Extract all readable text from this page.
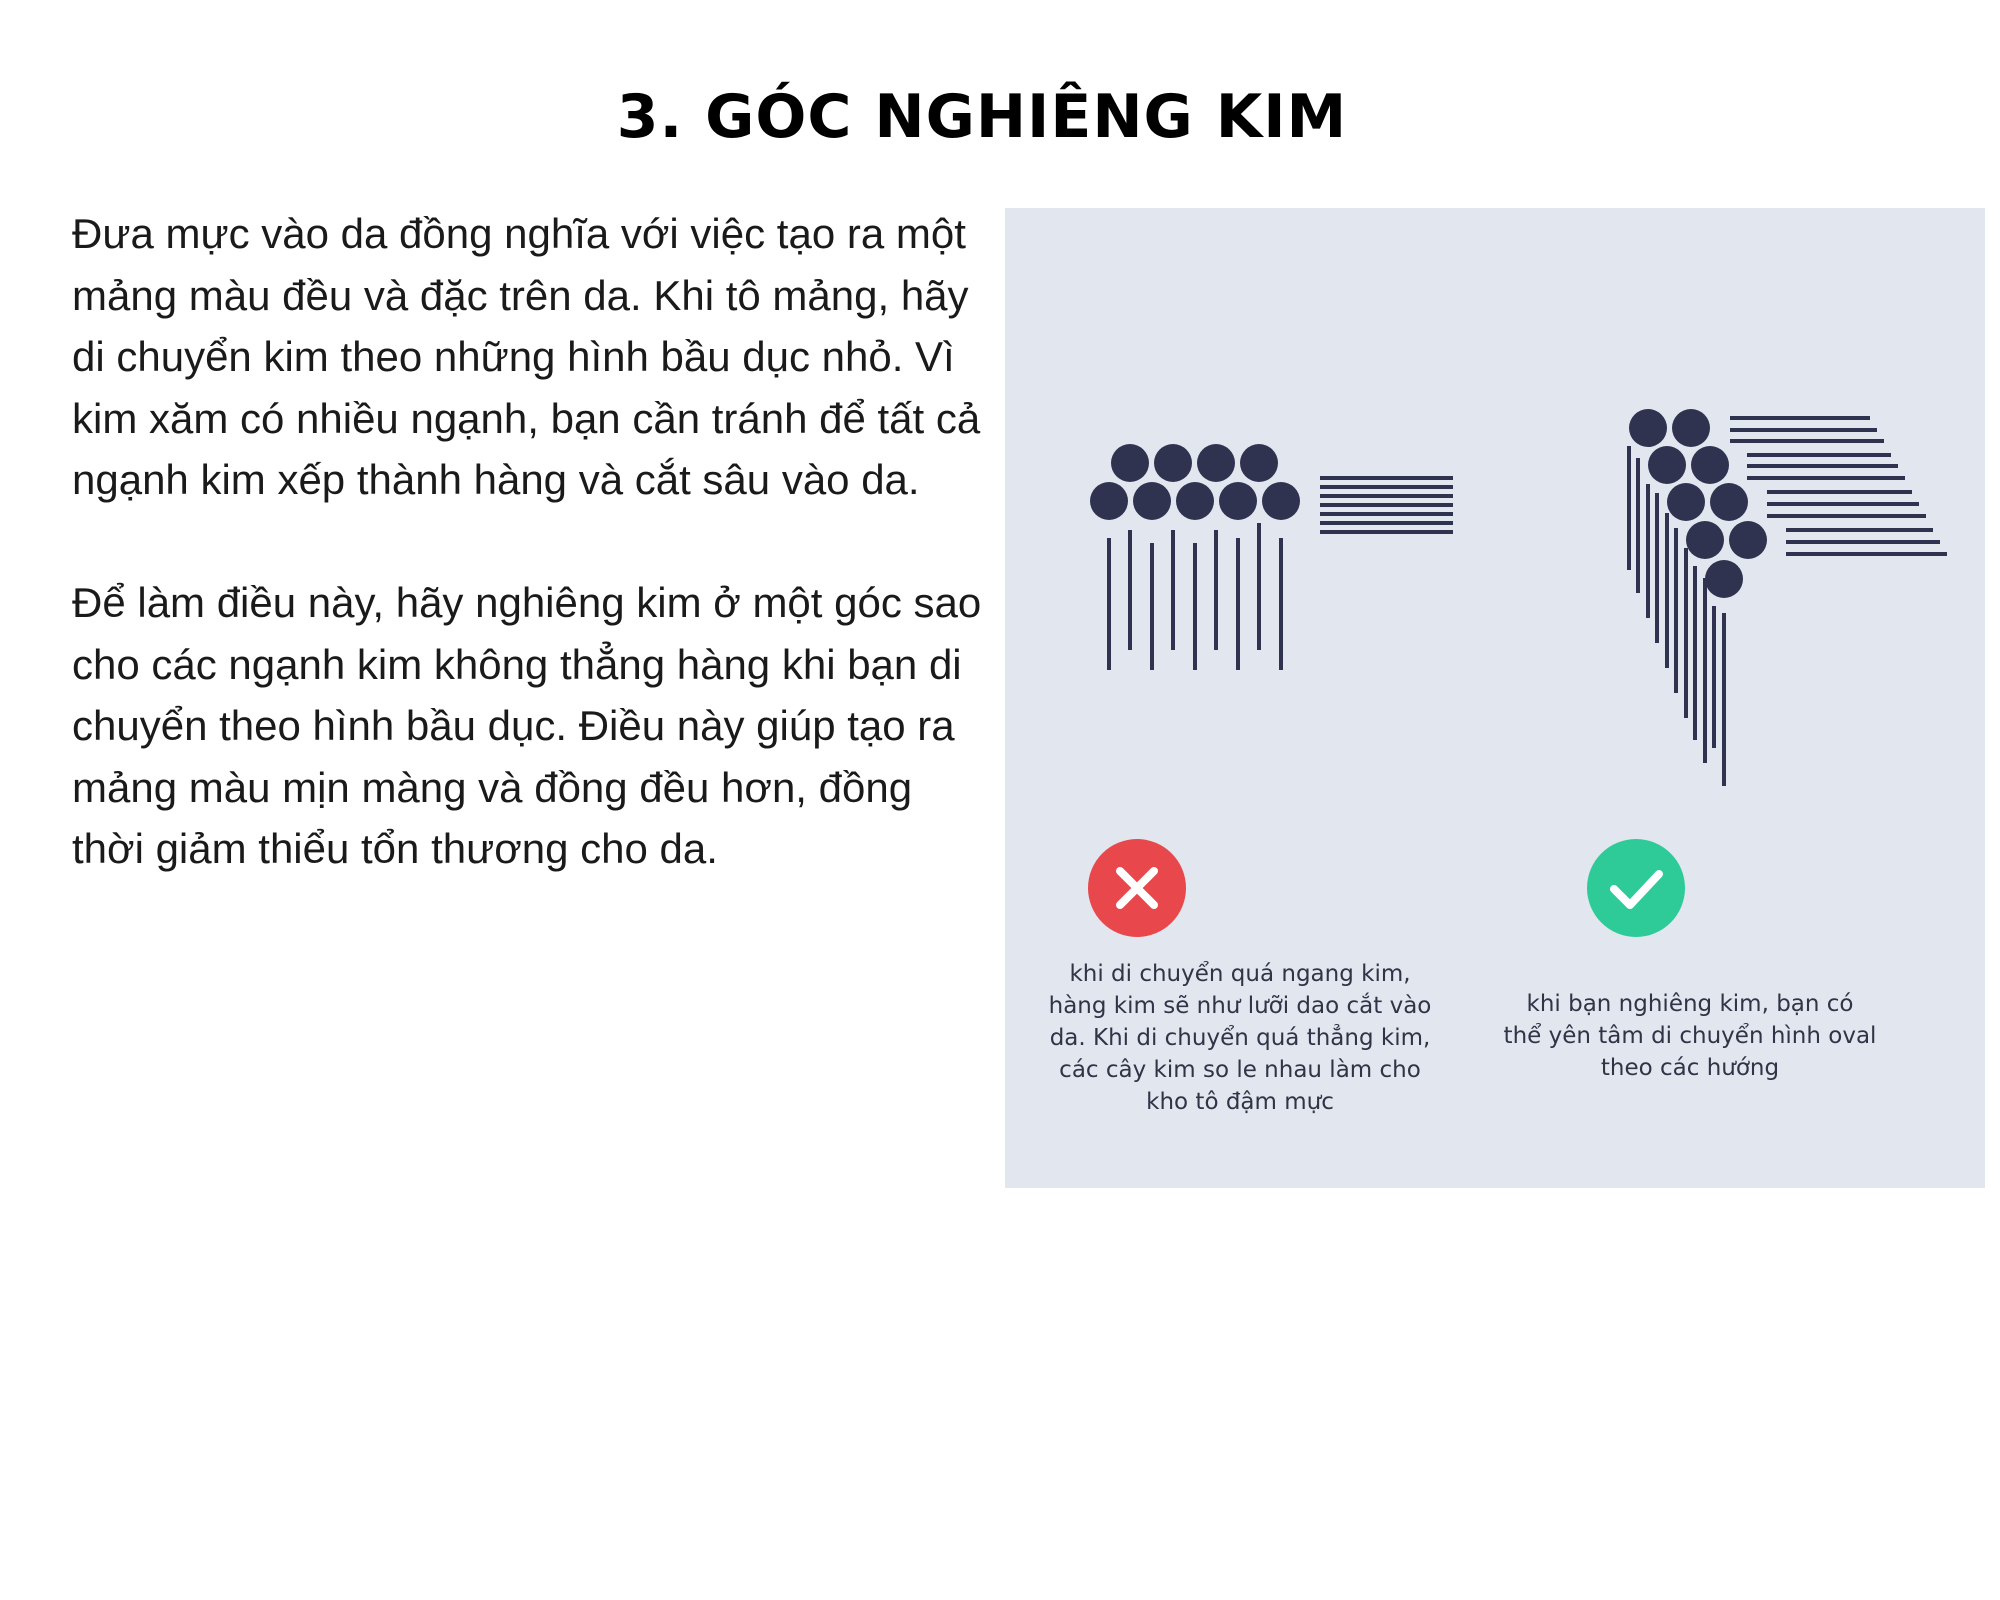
3. GÓC NGHIÊNG KIM

Đưa mực vào da đồng nghĩa với việc tạo ra một mảng màu đều và đặc trên da. Khi tô mảng, hãy di chuyển kim theo những hình bầu dục nhỏ. Vì kim xăm có nhiều ngạnh, bạn cần tránh để tất cả ngạnh kim xếp thành hàng và cắt sâu vào da.

Để làm điều này, hãy nghiêng kim ở một góc sao cho các ngạnh kim không thẳng hàng khi bạn di chuyển theo hình bầu dục. Điều này giúp tạo ra mảng màu mịn màng và đồng đều hơn, đồng thời giảm thiểu tổn thương cho da.

khi di chuyển quá ngang kim,
hàng kim sẽ như lưỡi dao cắt vào
da. Khi di chuyển quá thẳng kim,
các cây kim so le nhau làm cho
kho tô đậm mực

khi bạn nghiêng kim, bạn có
thể yên tâm di chuyển hình oval
theo các hướng
